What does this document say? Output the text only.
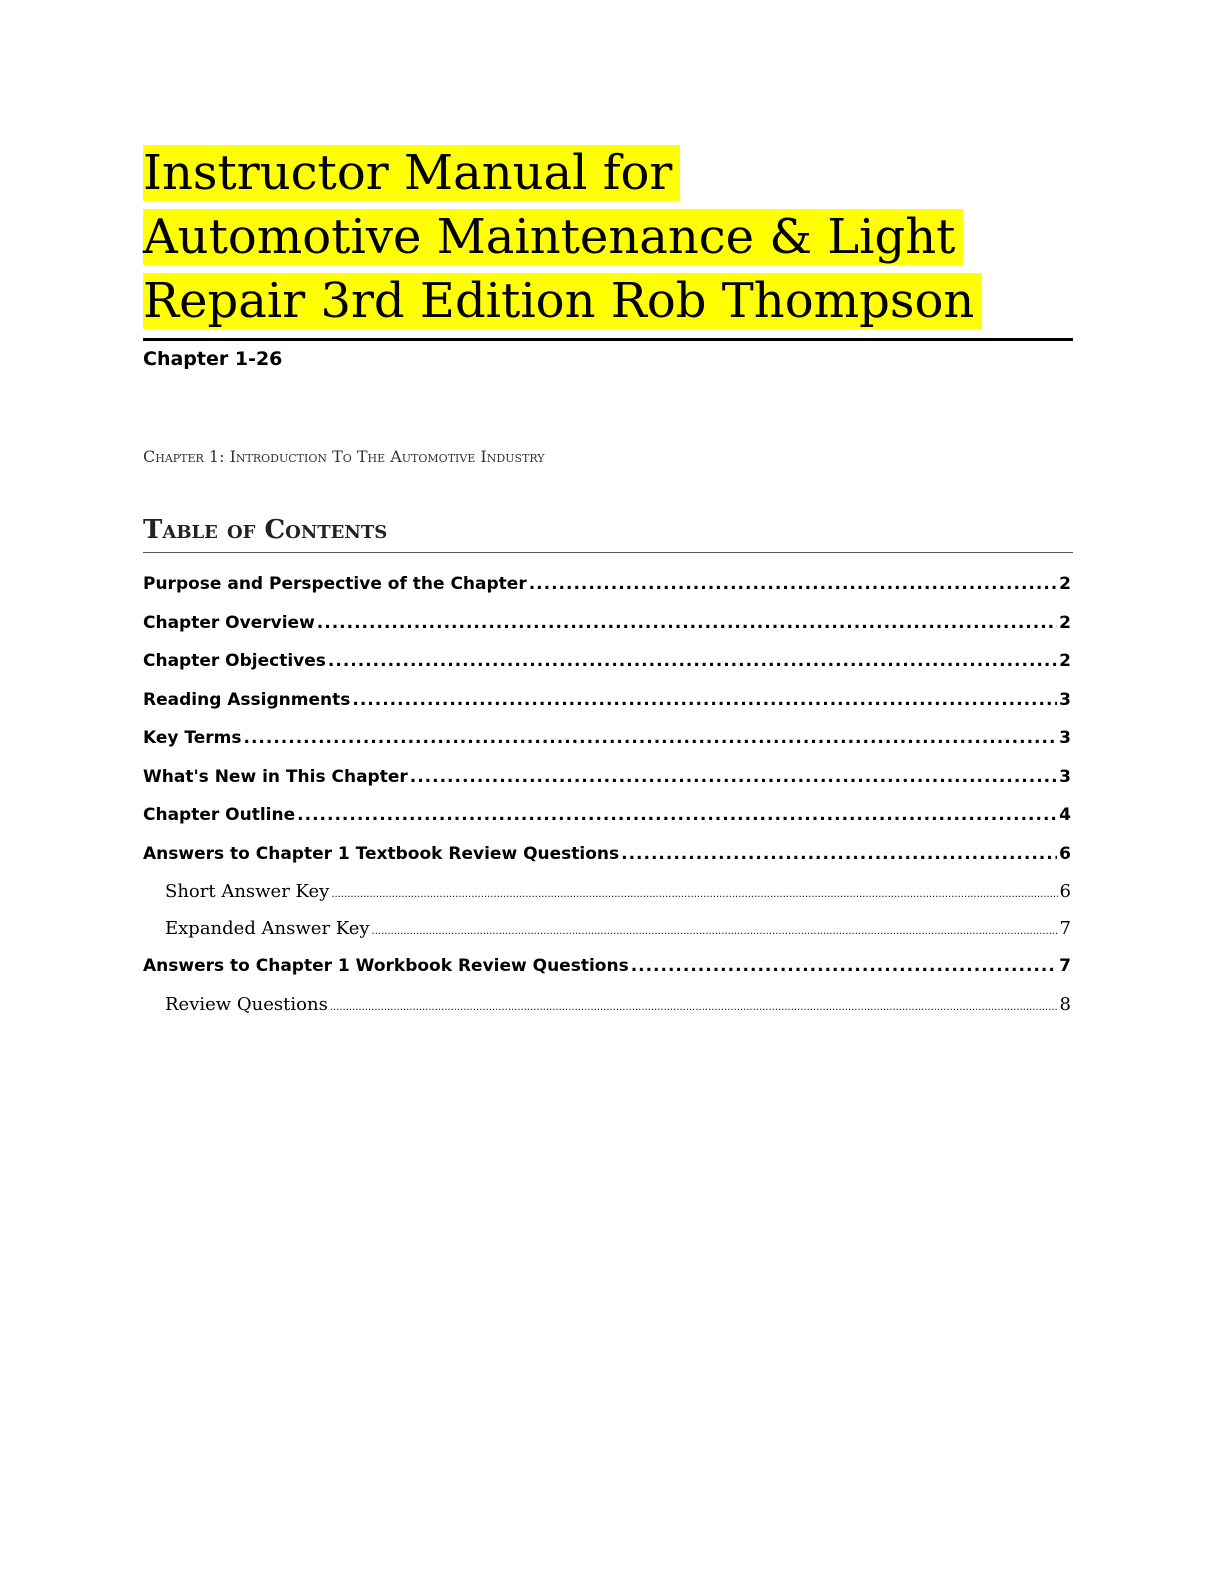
Instructor Manual for
Automotive Maintenance & Light
Repair 3rd Edition Rob Thompson
Chapter 1-26
Chapter 1: Introduction To The Automotive Industry
Table of Contents
Purpose and Perspective of the Chapter .....	2
Chapter Overview .....	2
Chapter Objectives .....	2
Reading Assignments .....	3
Key Terms .....	3
What's New in This Chapter .....	3
Chapter Outline .....	4
Answers to Chapter 1 Textbook Review Questions .....	6
Short Answer Key .....	6
Expanded Answer Key .....	7
Answers to Chapter 1 Workbook Review Questions .....	7
Review Questions .....	8
